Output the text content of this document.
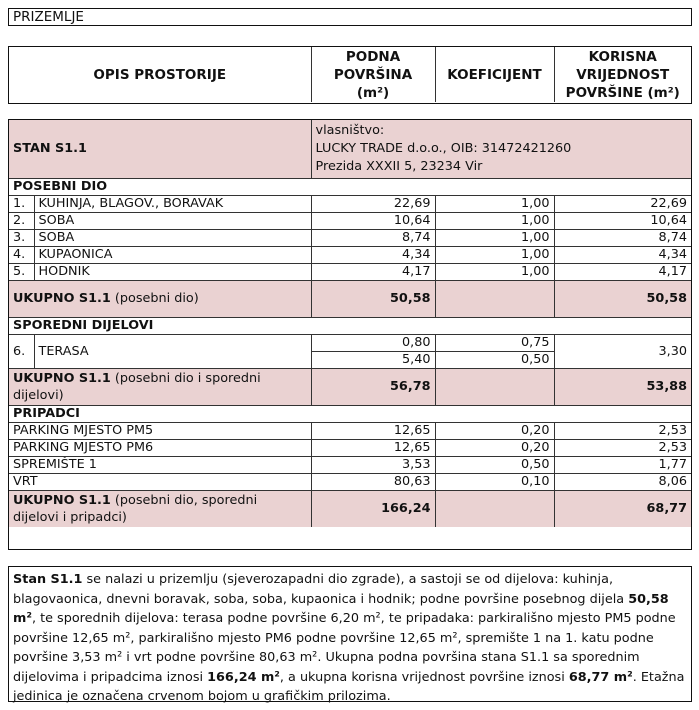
PRIZEMLJE
OPIS PROSTORIJE	PODNA POVRŠINA (m²)	KOEFICIJENT	KORISNA VRIJEDNOST POVRŠINE (m²)
STAN S1.1		vlasništvo:
LUCKY TRADE d.o.o., OIB: 31472421260
Prezida XXXII 5, 23234 Vir		

POSEBNI DIO				
1.	KUHINJA, BLAGOV., BORAVAK	22,69	1,00	22,69
2.	SOBA	10,64	1,00	10,64
3.	SOBA	8,74	1,00	8,74
4.	KUPAONICA	4,34	1,00	4,34
5.	HODNIK	4,17	1,00	4,17
UKUPNO S1.1 (posebni dio)		50,58		50,58
SPOREDNI DIJELOVI				
6.	TERASA	0,80	0,75	3,30
		5,40	0,50	
UKUPNO S1.1 (posebni dio i sporedni dijelovi)		56,78		53,88
PRIPADCI				
PARKING MJESTO PM5		12,65	0,20	2,53
PARKING MJESTO PM6		12,65	0,20	2,53
SPREMIŠTE 1		3,53	0,50	1,77
VRT		80,63	0,10	8,06
UKUPNO S1.1 (posebni dio, sporedni dijelovi i pripadci)		166,24		68,77
Stan S1.1 se nalazi u prizemlju (sjeverozapadni dio zgrade), a sastoji se od dijelova: kuhinja, blagovaonica, dnevni boravak, soba, soba, kupaonica i hodnik; podne površine posebnog dijela 50,58 m², te sporednih dijelova: terasa podne površine 6,20 m², te pripadaka: parkirališno mjesto PM5 podne površine 12,65 m², parkirališno mjesto PM6 podne površine 12,65 m², spremište 1 na 1. katu podne površine 3,53 m² i vrt podne površine 80,63 m². Ukupna podna površina stana S1.1 sa sporednim dijelovima i pripadcima iznosi 166,24 m², a ukupna korisna vrijednost površine iznosi 68,77 m². Etažna jedinica je označena crvenom bojom u grafičkim prilozima.
